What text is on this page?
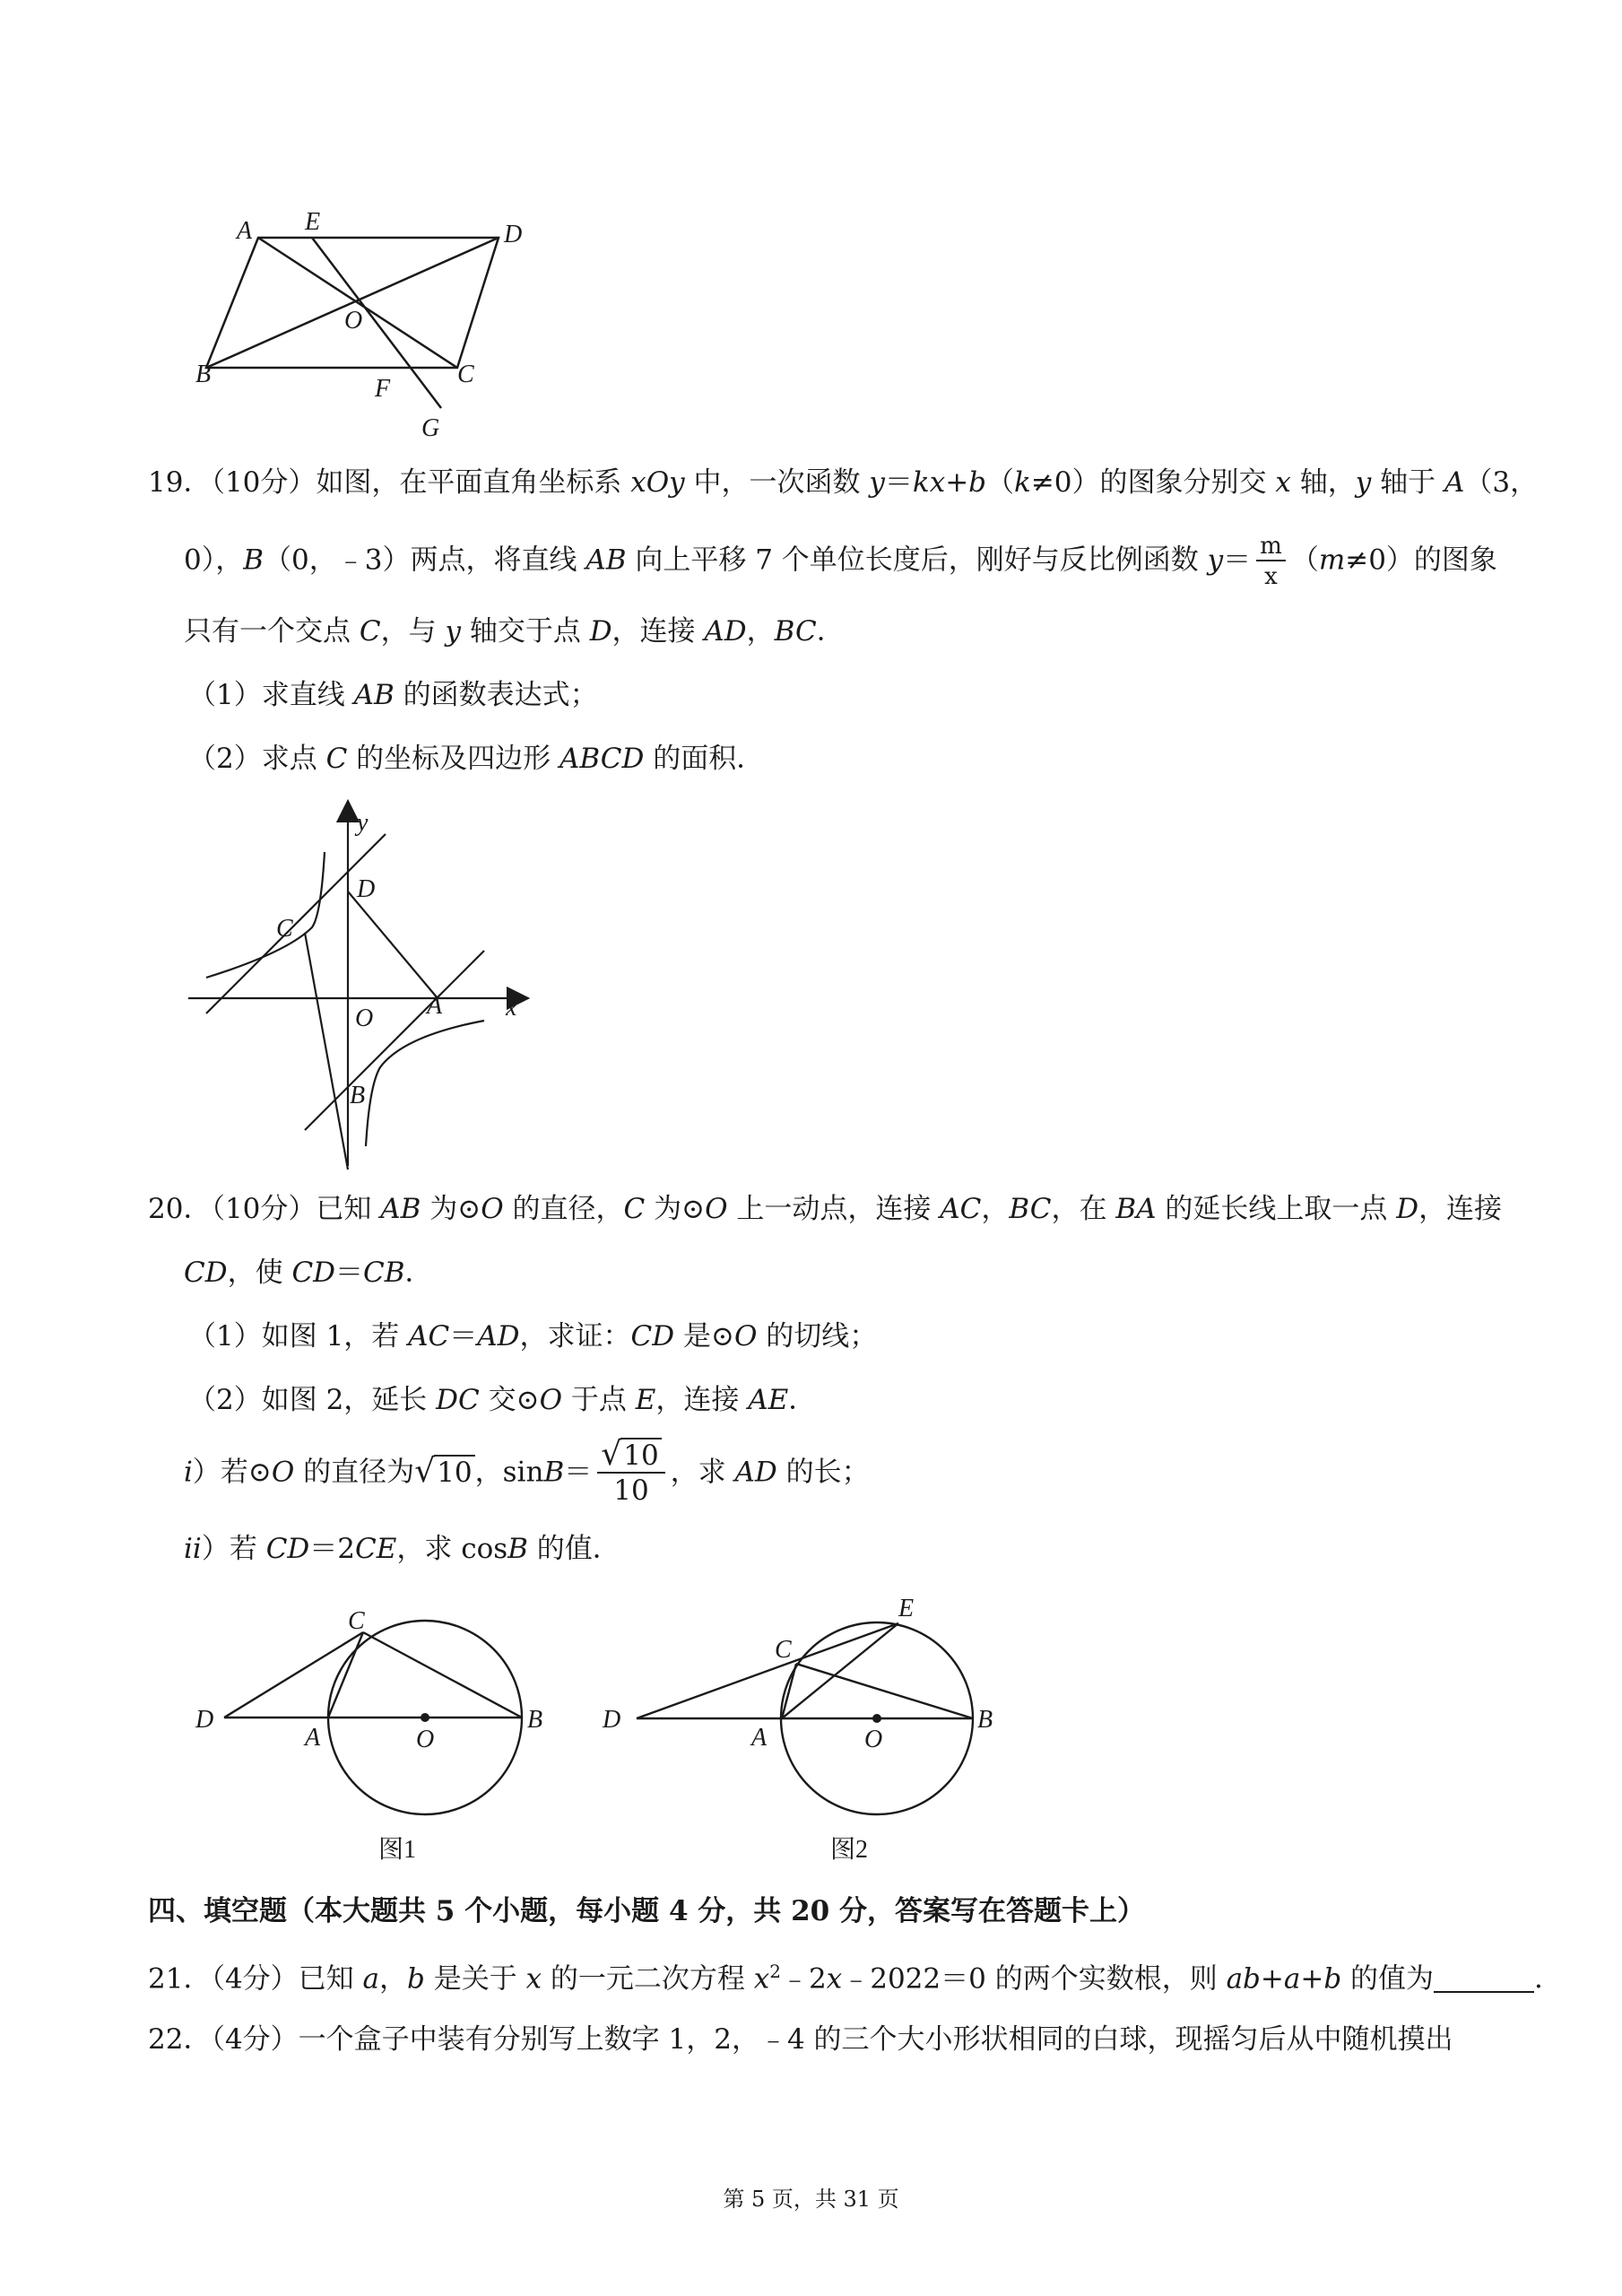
A E	D
O
B
F
C
G
19．（10分）如图，在平面直角坐标系 xOy 中，一次函数 y＝kx+b（k≠0）的图象分别交 x 轴，y 轴于 A（3，
0），B（0，﹣3）两点，将直线 AB 向上平移 7 个单位长度后，刚好与反比例函数 $y= \frac{m}{x} (m\ne 0)$的图象
只有一个交点 C，与 y 轴交于点 D，连接 AD，BC．
（1）求直线 AB 的函数表达式；
（2）求点 C 的坐标及四边形 ABCD 的面积．
y
D
C
O A	x
B
20．（10分）已知 AB 为⊙O 的直径，C 为⊙O 上一动点，连接 AC，BC，在 BA 的延长线上取一点 D，连接
CD，使 CD＝CB．
（1）如图 1，若 AC＝AD，求证：CD 是⊙O 的切线；
（2）如图 2，延长 DC 交⊙O 于点 E，连接 AE．
i）若⊙O 的直径为 √ 10，$\sin B= \frac{√ 10}{10}$ ，求 AD 的长；
ii）若 CD＝2CE，求 cosB 的值．
C
D
A	O
B
图1
E
C
D
A	O
B
图2
四、填空题（本大题共 5 个小题，每小题 4 分，共 20 分，答案写在答题卡上）
21．（4分）已知 a，b 是关于 x 的一元二次方程 $x^2﹣2x﹣2022=0$ 的两个实数根，则 ab+a+b 的值为	．
22．（4分）一个盒子中装有分别写上数字 1，2，﹣4 的三个大小形状相同的白球，现摇匀后从中随机摸出
第 5 页，共 31 页
